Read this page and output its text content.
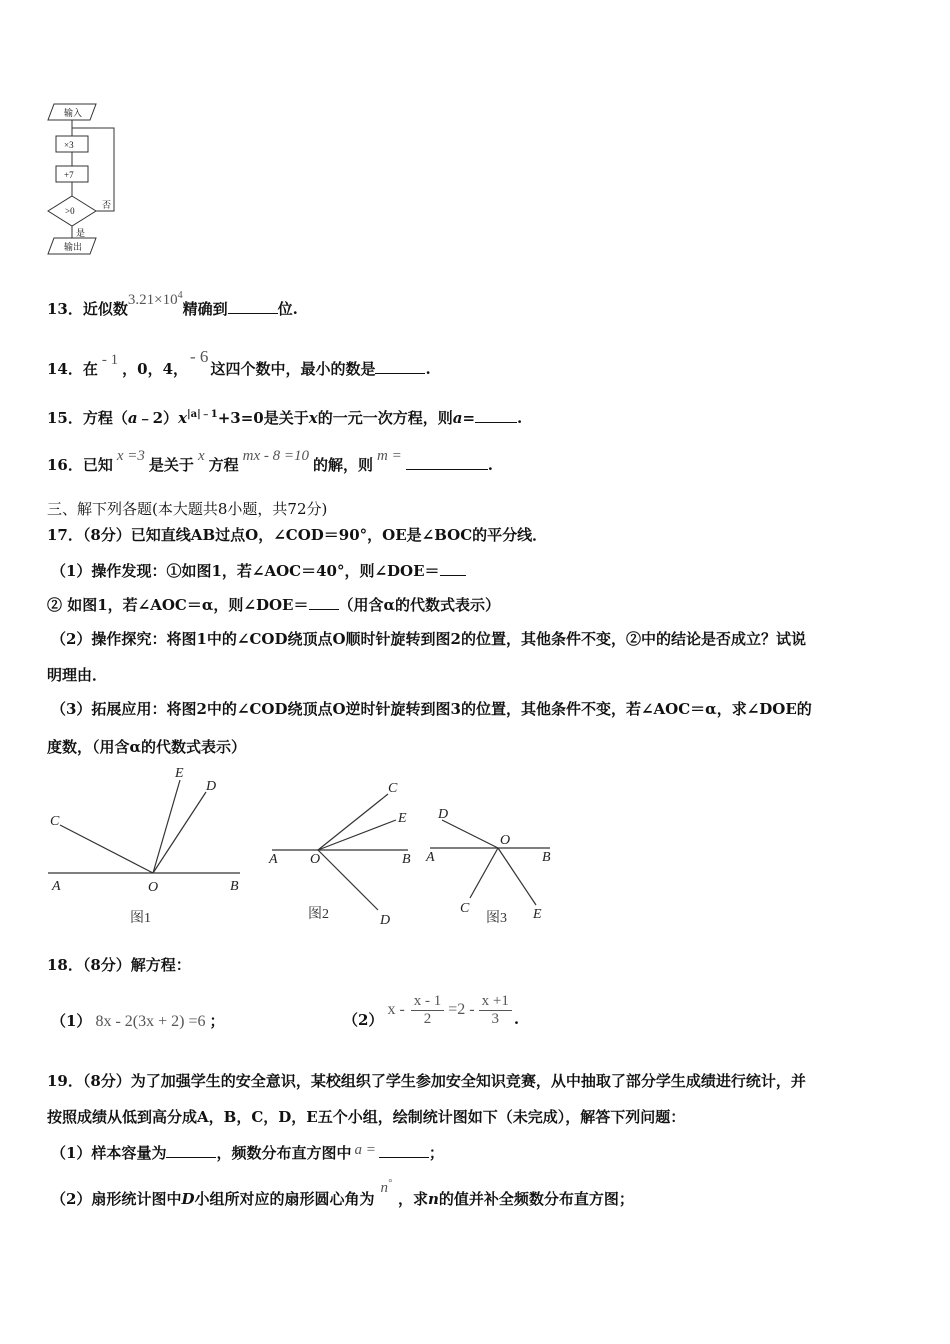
输入
×3
+7
>0
否
是
输出
13．近似数$3.21\times 10^4$精确到	位.
14．在 - 1 ，0，4，- 6这四个数中，最小的数是	.
15．方程$(a﹣2)x^{|a|﹣1}+3=0$是关于x的一元一次方程，则a=	.
16．已知 x =3 是关于 x 方程 mx - 8 =10 的解，则 m =	.
三、解下列各题(本大题共8小题，共72分)
17．（8分）已知直线AB过点O，∠COD＝90°，OE是∠BOC的平分线．
（1）操作发现：①如图1，若∠AOC＝40°，则∠DOE＝
② 如图1，若∠AOC＝α，则∠DOE＝ （用含α的代数式表示）
（2）操作探究：将图1中的∠COD绕顶点O顺时针旋转到图2的位置，其他条件不变，②中的结论是否成立？试说
明理由．
（3）拓展应用：将图2中的∠COD绕顶点O逆时针旋转到图3的位置，其他条件不变，若∠AOC＝α，求∠DOE的
度数，（用含α的代数式表示）
A	O	B
C
E
D
A O	B
C
E
D
A
O
B
D
C	E
图1	图2	图3
18．（8分）解方程：
（1） 8x - 2(3x + 2) =6 ；	（2）
$x - \frac{x - 1}{2} =2 - \frac{x +1}{3}$ .
19．（8分）为了加强学生的安全意识，某校组织了学生参加安全知识竞赛，从中抽取了部分学生成绩进行统计，并
按照成绩从低到高分成A，B，C，D，E五个小组，绘制统计图如下（未完成），解答下列问题：
（1）样本容量为	，频数分布直方图中 a =	；
（2）扇形统计图中D小组所对应的扇形圆心角为n°，求n的值并补全频数分布直方图；
